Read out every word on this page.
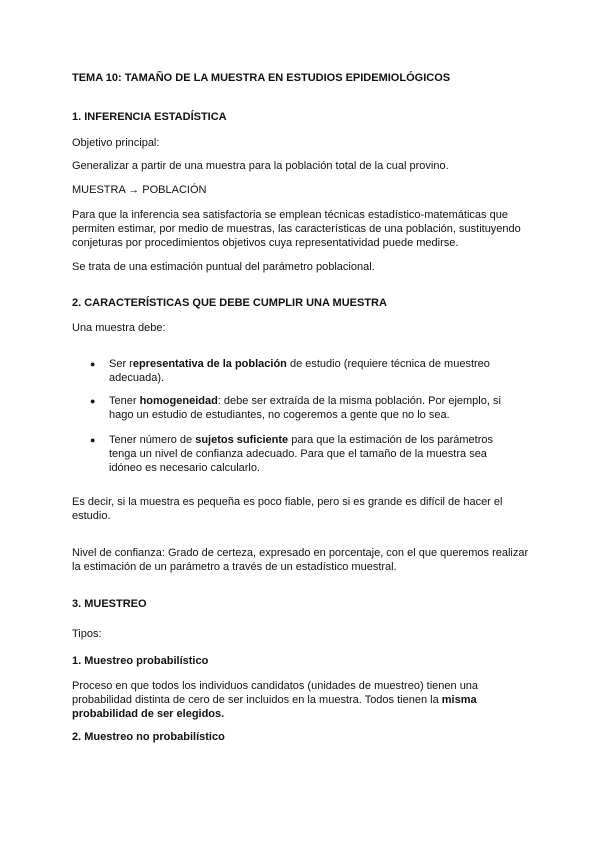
TEMA 10: TAMAÑO DE LA MUESTRA EN ESTUDIOS EPIDEMIOLÓGICOS

1. INFERENCIA ESTADÍSTICA

Objetivo principal:

Generalizar a partir de una muestra para la población total de la cual provino.

MUESTRA → POBLACIÓN

Para que la inferencia sea satisfactoria se emplean técnicas estadístico-matemáticas que permiten estimar, por medio de muestras, las características de una población, sustituyendo conjeturas por procedimientos objetivos cuya representatividad puede medirse.

Se trata de una estimación puntual del parámetro poblacional.

2. CARACTERÍSTICAS QUE DEBE CUMPLIR UNA MUESTRA

Una muestra debe:

● Ser representativa de la población de estudio (requiere técnica de muestreo adecuada).

● Tener homogeneidad: debe ser extraída de la misma población. Por ejemplo, si hago un estudio de estudiantes, no cogeremos a gente que no lo sea.

● Tener número de sujetos suficiente para que la estimación de los parámetros tenga un nivel de confianza adecuado. Para que el tamaño de la muestra sea idóneo es necesario calcularlo.

Es decir, si la muestra es pequeña es poco fiable, pero si es grande es difícil de hacer el estudio.

Nivel de confianza: Grado de certeza, expresado en porcentaje, con el que queremos realizar la estimación de un parámetro a través de un estadístico muestral.

3. MUESTREO

Tipos:

1. Muestreo probabilístico

Proceso en que todos los individuos candidatos (unidades de muestreo) tienen una probabilidad distinta de cero de ser incluidos en la muestra. Todos tienen la misma probabilidad de ser elegidos.

2. Muestreo no probabilístico
